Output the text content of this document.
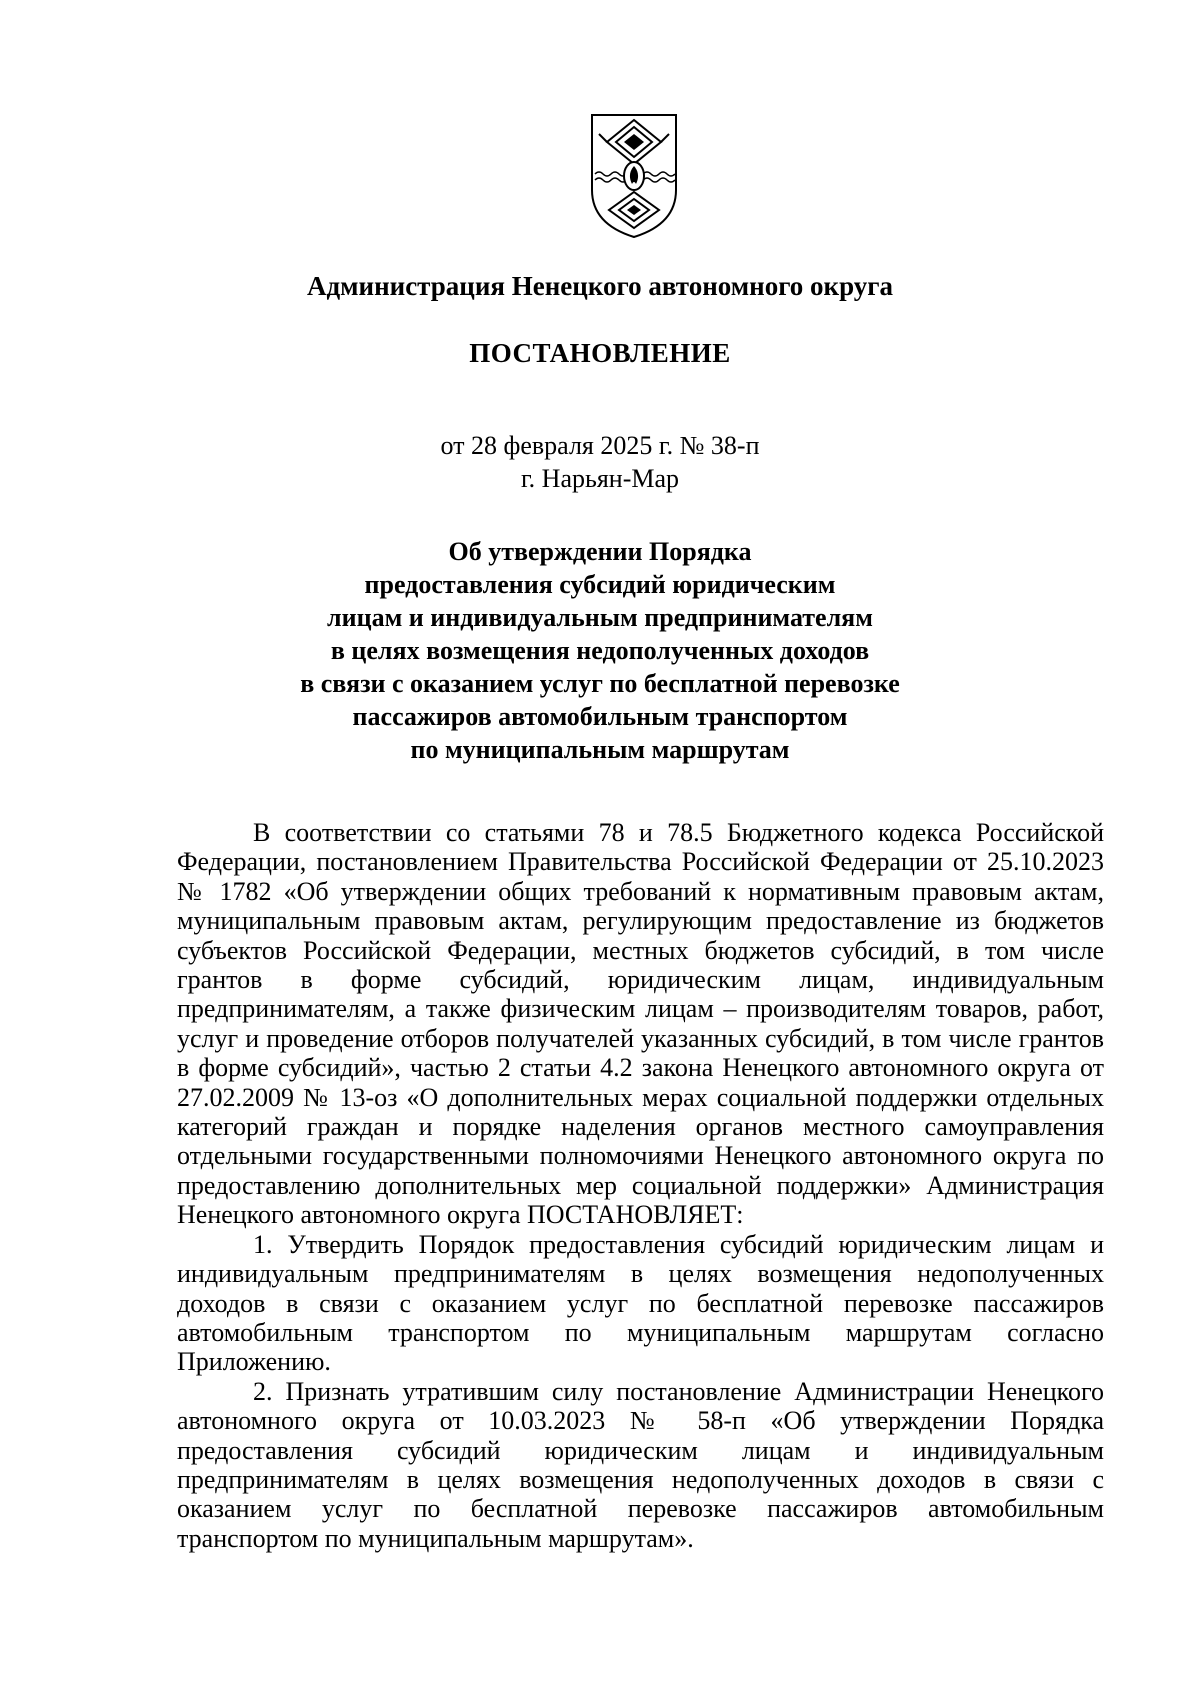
Администрация Ненецкого автономного округа
ПОСТАНОВЛЕНИЕ
от 28 февраля 2025 г. № 38-п
г. Нарьян-Мар
Об утверждении Порядка
предоставления субсидий юридическим
лицам и индивидуальным предпринимателям
в целях возмещения недополученных доходов
в связи с оказанием услуг по бесплатной перевозке
пассажиров автомобильным транспортом
по муниципальным маршрутам

В соответствии со статьями 78 и 78.5 Бюджетного кодекса Российской Федерации, постановлением Правительства Российской Федерации от 25.10.2023 № 1782 «Об утверждении общих требований к нормативным правовым актам, муниципальным правовым актам, регулирующим предоставление из бюджетов субъектов Российской Федерации, местных бюджетов субсидий, в том числе грантов в форме субсидий, юридическим лицам, индивидуальным предпринимателям, а также физическим лицам – производителям товаров, работ, услуг и проведение отборов получателей указанных субсидий, в том числе грантов в форме субсидий», частью 2 статьи 4.2 закона Ненецкого автономного округа от 27.02.2009 № 13-оз «О дополнительных мерах социальной поддержки отдельных категорий граждан и порядке наделения органов местного самоуправления отдельными государственными полномочиями Ненецкого автономного округа по предоставлению дополнительных мер социальной поддержки» Администрация Ненецкого автономного округа ПОСТАНОВЛЯЕТ:

1. Утвердить Порядок предоставления субсидий юридическим лицам и индивидуальным предпринимателям в целях возмещения недополученных доходов в связи с оказанием услуг по бесплатной перевозке пассажиров автомобильным транспортом по муниципальным маршрутам согласно Приложению.

2. Признать утратившим силу постановление Администрации Ненецкого автономного округа от 10.03.2023 № 58-п «Об утверждении Порядка предоставления субсидий юридическим лицам и индивидуальным предпринимателям в целях возмещения недополученных доходов в связи с оказанием услуг по бесплатной перевозке пассажиров автомобильным транспортом по муниципальным маршрутам».
